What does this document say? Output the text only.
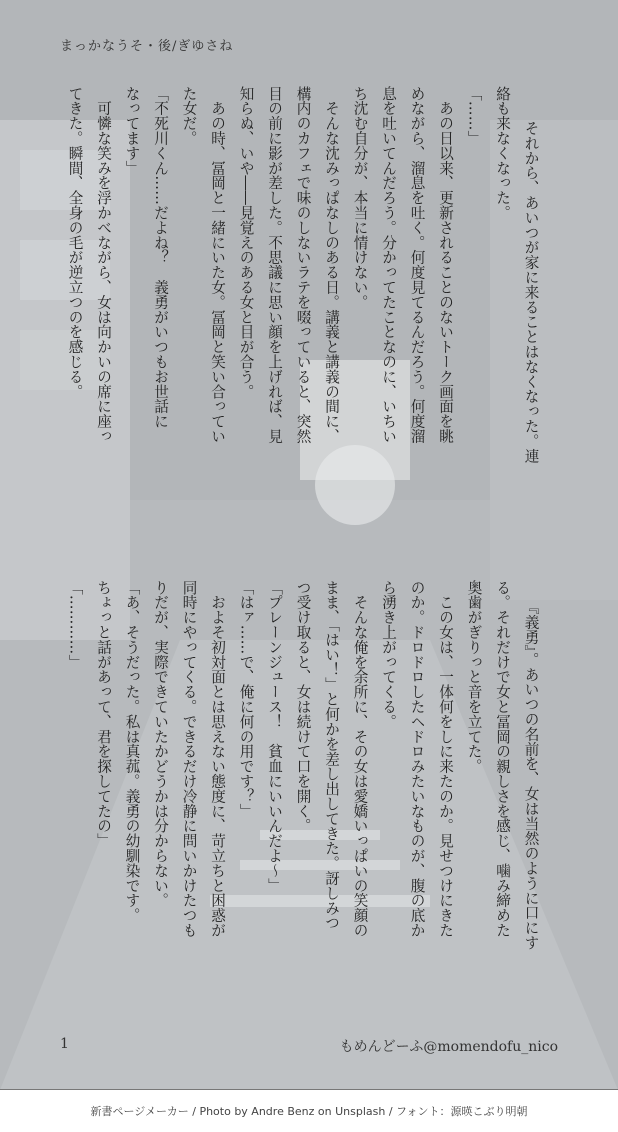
まっかなうそ・後/ぎゆさね

　それから、あいつが家に来ることはなくなった。連
絡も来なくなった。
「……」
　あの日以来、更新されることのないトーク画面を眺
めながら、溜息を吐く。何度見てるんだろう。何度溜
息を吐いてんだろう。分かってたことなのに、いちい
ち沈む自分が、本当に情けない。
　そんな沈みっぱなしのある日。講義と講義の間に、
構内のカフェで味のしないラテを啜っていると、突然
目の前に影が差した。不思議に思い顔を上げれば、見
知らぬ、いや――見覚えのある女と目が合う。
　あの時、冨岡と一緒にいた女。冨岡と笑い合ってい
た女だ。
「不死川くん……だよね？　義勇がいつもお世話に
なってます」
　可憐な笑みを浮かべながら、女は向かいの席に座っ
てきた。瞬間、全身の毛が逆立つのを感じる。

『義勇』。あいつの名前を、女は当然のように口にす
る。それだけで女と冨岡の親しさを感じ、噛み締めた
奥歯がぎりっと音を立てた。
　この女は、一体何をしに来たのか。見せつけにきた
のか。ドロドロしたヘドロみたいなものが、腹の底か
ら湧き上がってくる。
　そんな俺を余所に、その女は愛嬌いっぱいの笑顔の
まま、「はい！」と何かを差し出してきた。訝しみつ
つ受け取ると、女は続けて口を開く。
「プレーンジュース！　貧血にいいんだよ〜」
「はァ……で、俺に何の用です？」
　およそ初対面とは思えない態度に、苛立ちと困惑が
同時にやってくる。できるだけ冷静に問いかけたつも
りだが、実際できていたかどうかは分からない。
「あ、そうだった。私は真菰。義勇の幼馴染です。
ちょっと話があって、君を探してたの」
「…………」

1	もめんどーふ@momendofu_nico
新書ページメーカー / Photo by Andre Benz on Unsplash / フォント：源暎こぶり明朝
